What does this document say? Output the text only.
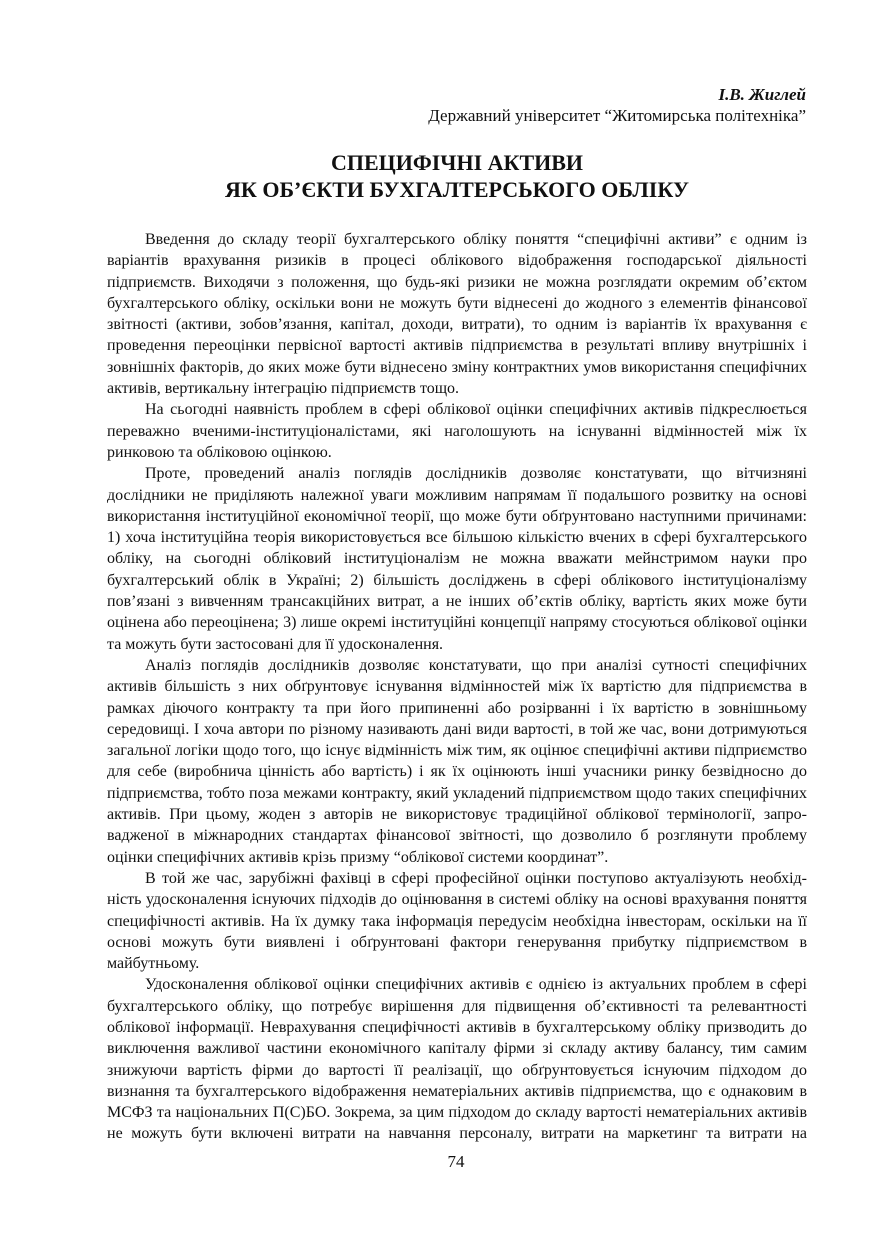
І.В. Жиглей
Державний університет “Житомирська політехніка”
СПЕЦИФІЧНІ АКТИВИ
ЯК ОБ’ЄКТИ БУХГАЛТЕРСЬКОГО ОБЛІКУ
Введення до складу теорії бухгалтерського обліку поняття “специфічні активи” є одним із
варіантів врахування ризиків в процесі облікового відображення господарської діяльності
підприємств. Виходячи з положення, що будь-які ризики не можна розглядати окремим об’єктом
бухгалтерського обліку, оскільки вони не можуть бути віднесені до жодного з елементів фінансової
звітності (активи, зобов’язання, капітал, доходи, витрати), то одним із варіантів їх врахування є
проведення переоцінки первісної вартості активів підприємства в результаті впливу внутрішніх і
зовнішніх факторів, до яких може бути віднесено зміну контрактних умов використання специфічних
активів, вертикальну інтеграцію підприємств тощо.
На сьогодні наявність проблем в сфері облікової оцінки специфічних активів підкреслюється
переважно вченими-інституціоналістами, які наголошують на існуванні відмінностей між їх
ринковою та обліковою оцінкою.
Проте, проведений аналіз поглядів дослідників дозволяє констатувати, що вітчизняні
дослідники не приділяють належної уваги можливим напрямам її подальшого розвитку на основі
використання інституційної економічної теорії, що може бути обґрунтовано наступними причинами:
1) хоча інституційна теорія використовується все більшою кількістю вчених в сфері бухгалтерського
обліку, на сьогодні обліковий інституціоналізм не можна вважати мейнстримом науки про
бухгалтерський облік в Україні; 2) більшість досліджень в сфері облікового інституціоналізму
пов’язані з вивченням трансакційних витрат, а не інших об’єктів обліку, вартість яких може бути
оцінена або переоцінена; 3) лише окремі інституційні концепції напряму стосуються облікової оцінки
та можуть бути застосовані для її удосконалення.
Аналіз поглядів дослідників дозволяє констатувати, що при аналізі сутності специфічних
активів більшість з них обґрунтовує існування відмінностей між їх вартістю для підприємства в
рамках діючого контракту та при його припиненні або розірванні і їх вартістю в зовнішньому
середовищі. І хоча автори по різному називають дані види вартості, в той же час, вони дотримуються
загальної логіки щодо того, що існує відмінність між тим, як оцінює специфічні активи підприємство
для себе (виробнича цінність або вартість) і як їх оцінюють інші учасники ринку безвідносно до
підприємства, тобто поза межами контракту, який укладений підприємством щодо таких специфічних
активів. При цьому, жоден з авторів не використовує традиційної облікової термінології, запро-
вадженої в міжнародних стандартах фінансової звітності, що дозволило б розглянути проблему
оцінки специфічних активів крізь призму “облікової системи координат”.
В той же час, зарубіжні фахівці в сфері професійної оцінки поступово актуалізують необхід-
ність удосконалення існуючих підходів до оцінювання в системі обліку на основі врахування поняття
специфічності активів. На їх думку така інформація передусім необхідна інвесторам, оскільки на її
основі можуть бути виявлені і обґрунтовані фактори генерування прибутку підприємством в
майбутньому.
Удосконалення облікової оцінки специфічних активів є однією із актуальних проблем в сфері
бухгалтерського обліку, що потребує вирішення для підвищення об’єктивності та релевантності
облікової інформації. Неврахування специфічності активів в бухгалтерському обліку призводить до
виключення важливої частини економічного капіталу фірми зі складу активу балансу, тим самим
знижуючи вартість фірми до вартості її реалізації, що обґрунтовується існуючим підходом до
визнання та бухгалтерського відображення нематеріальних активів підприємства, що є однаковим в
МСФЗ та національних П(С)БО. Зокрема, за цим підходом до складу вартості нематеріальних активів
не можуть бути включені витрати на навчання персоналу, витрати на маркетинг та витрати на
74
